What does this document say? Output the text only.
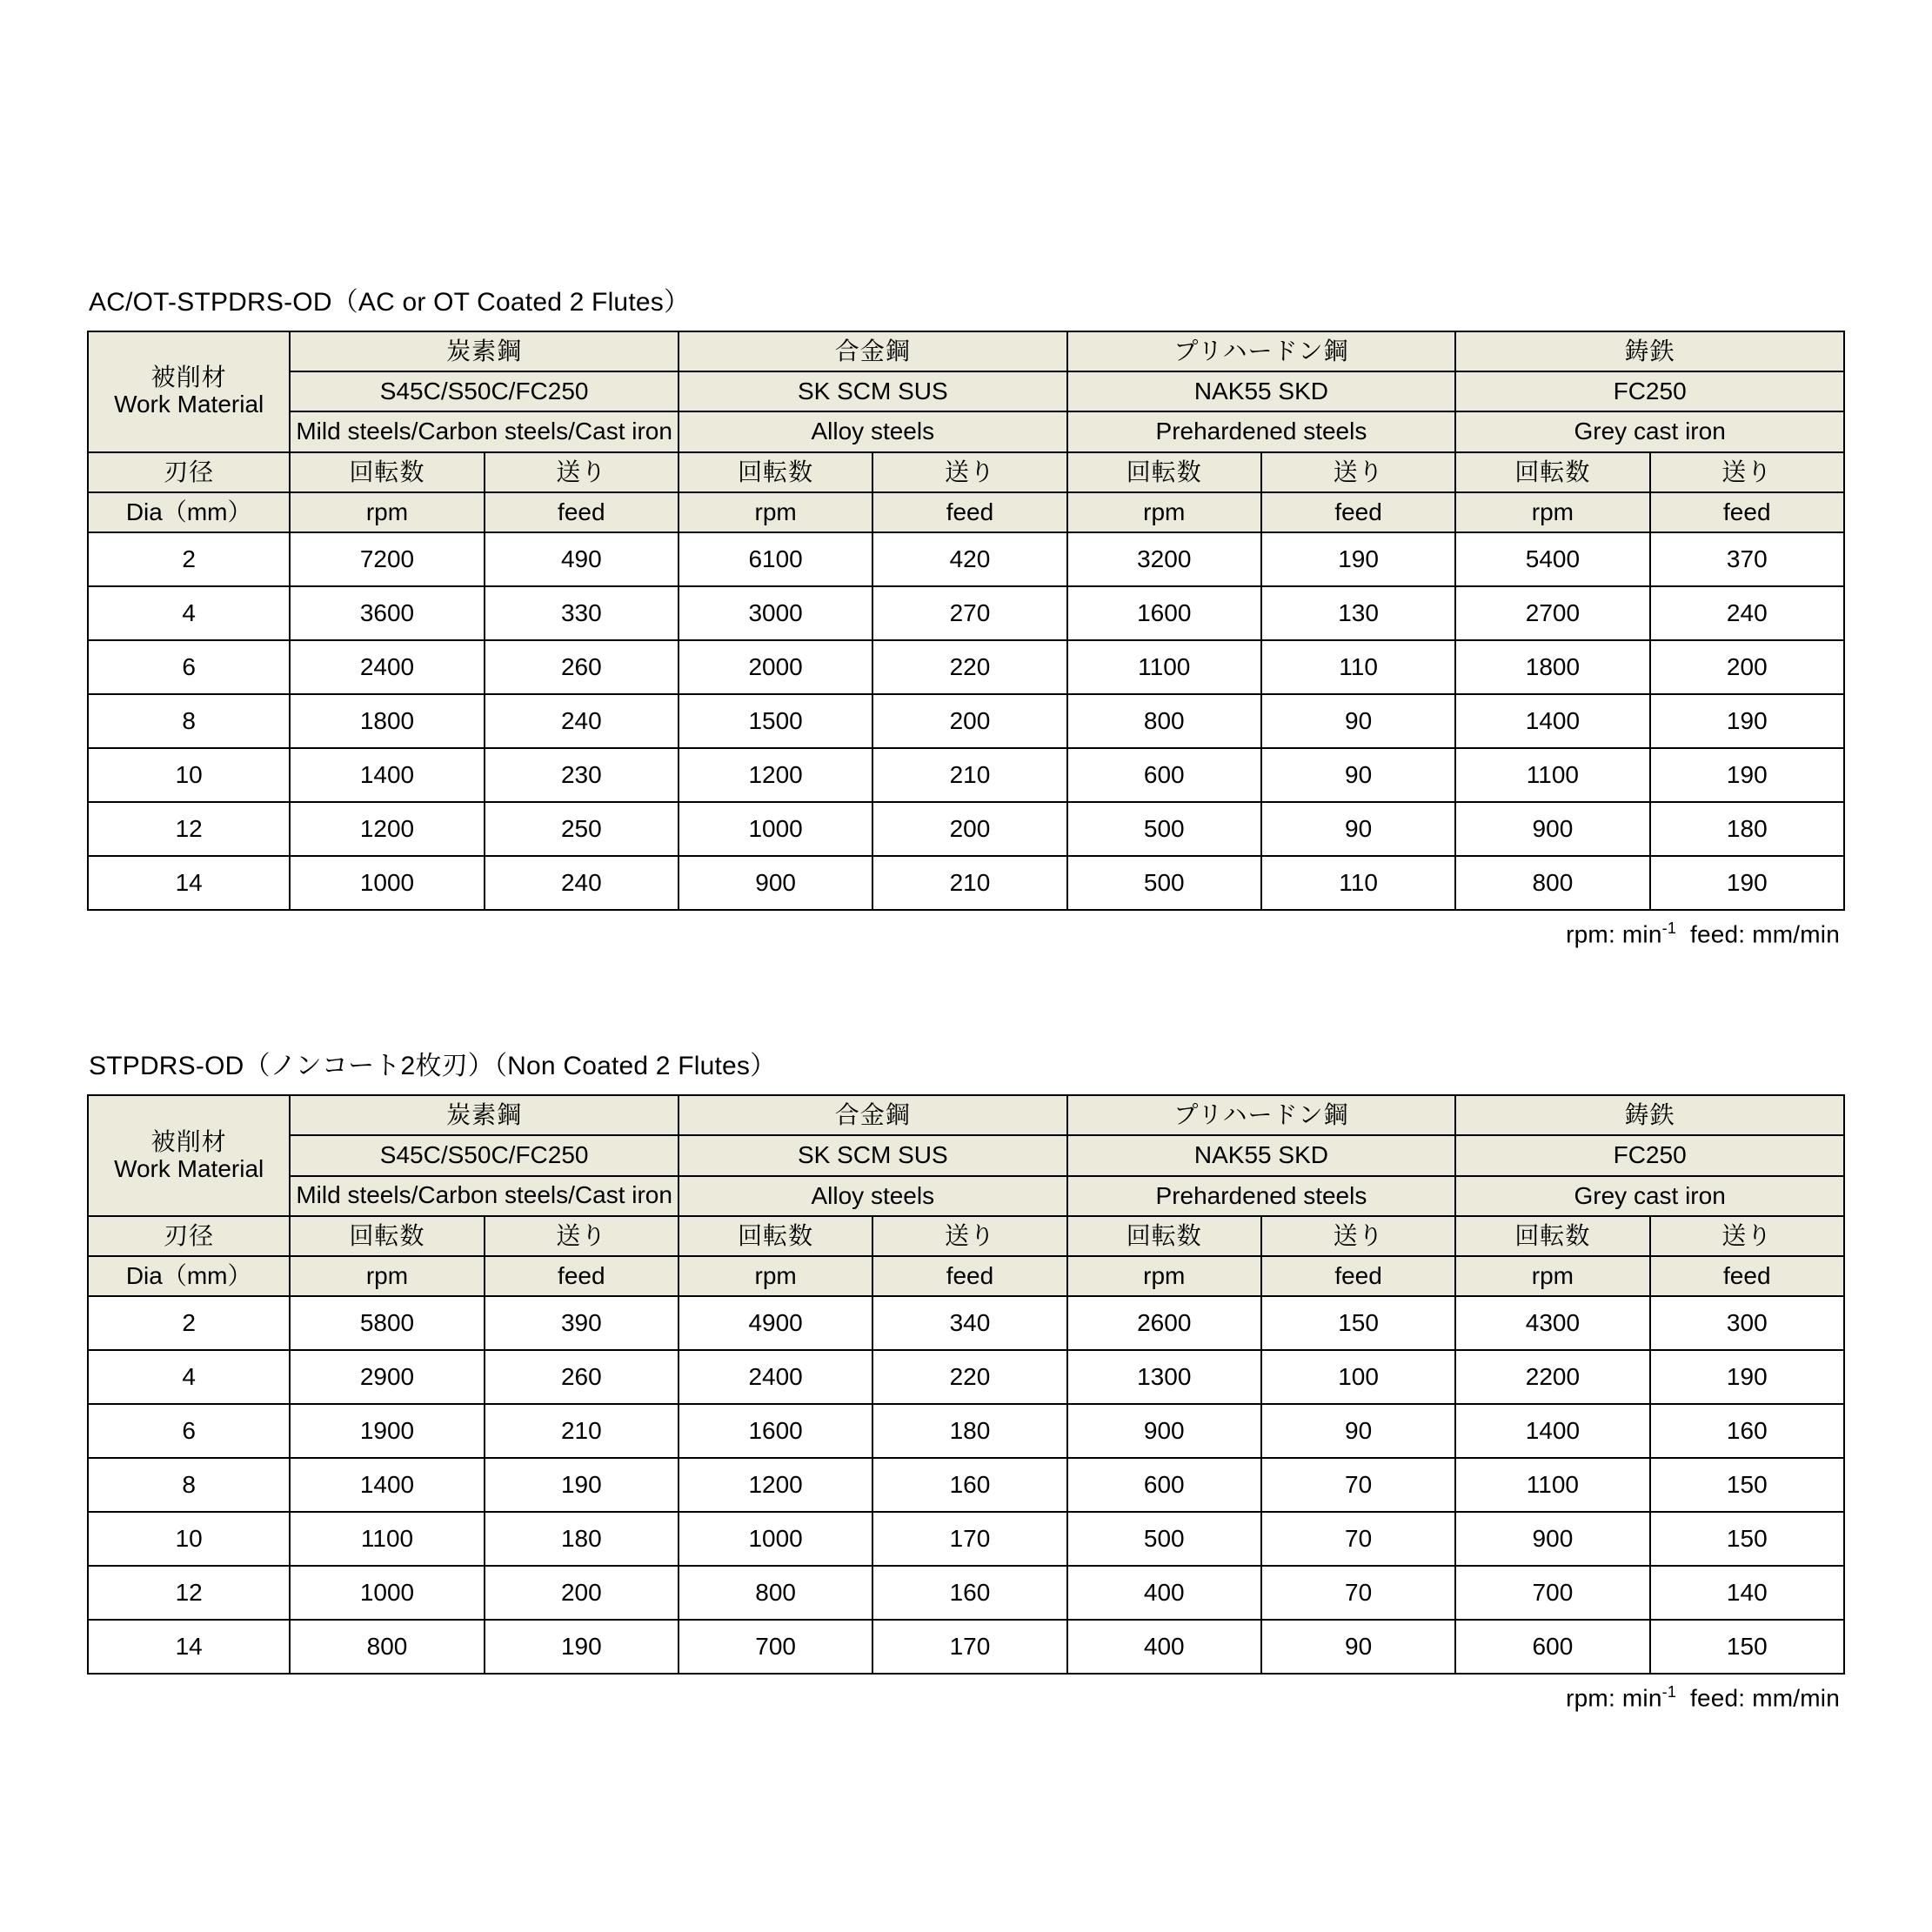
AC/OT-STPDRS-OD（AC or OT Coated 2 Flutes）
被削材
Work Material	炭素鋼		合金鋼		プリハードン鋼		鋳鉄	
	S45C/S50C/FC250		SK SCM SUS		NAK55 SKD		FC250	
	Mild steels/Carbon steels/Cast iron		Alloy steels		Prehardened steels		Grey cast iron	
刃径	回転数	送り	回転数	送り	回転数	送り	回転数	送り
Dia（mm）	rpm	feed	rpm	feed	rpm	feed	rpm	feed
2	7200	490	6100	420	3200	190	5400	370
4	3600	330	3000	270	1600	130	2700	240
6	2400	260	2000	220	1100	110	1800	200
8	1800	240	1500	200	800	90	1400	190
10	1400	230	1200	210	600	90	1100	190
12	1200	250	1000	200	500	90	900	180
14	1000	240	900	210	500	110	800	190
rpm: $\min^{-1}$ feed: mm/min
STPDRS-OD（ノンコート2枚刃）（Non Coated 2 Flutes）
被削材
Work Material	炭素鋼		合金鋼		プリハードン鋼		鋳鉄	
	S45C/S50C/FC250		SK SCM SUS		NAK55 SKD		FC250	
	Mild steels/Carbon steels/Cast iron		Alloy steels		Prehardened steels		Grey cast iron	
刃径	回転数	送り	回転数	送り	回転数	送り	回転数	送り
Dia（mm）	rpm	feed	rpm	feed	rpm	feed	rpm	feed
2	5800	390	4900	340	2600	150	4300	300
4	2900	260	2400	220	1300	100	2200	190
6	1900	210	1600	180	900	90	1400	160
8	1400	190	1200	160	600	70	1100	150
10	1100	180	1000	170	500	70	900	150
12	1000	200	800	160	400	70	700	140
14	800	190	700	170	400	90	600	150
rpm: $\min^{-1}$ feed: mm/min
